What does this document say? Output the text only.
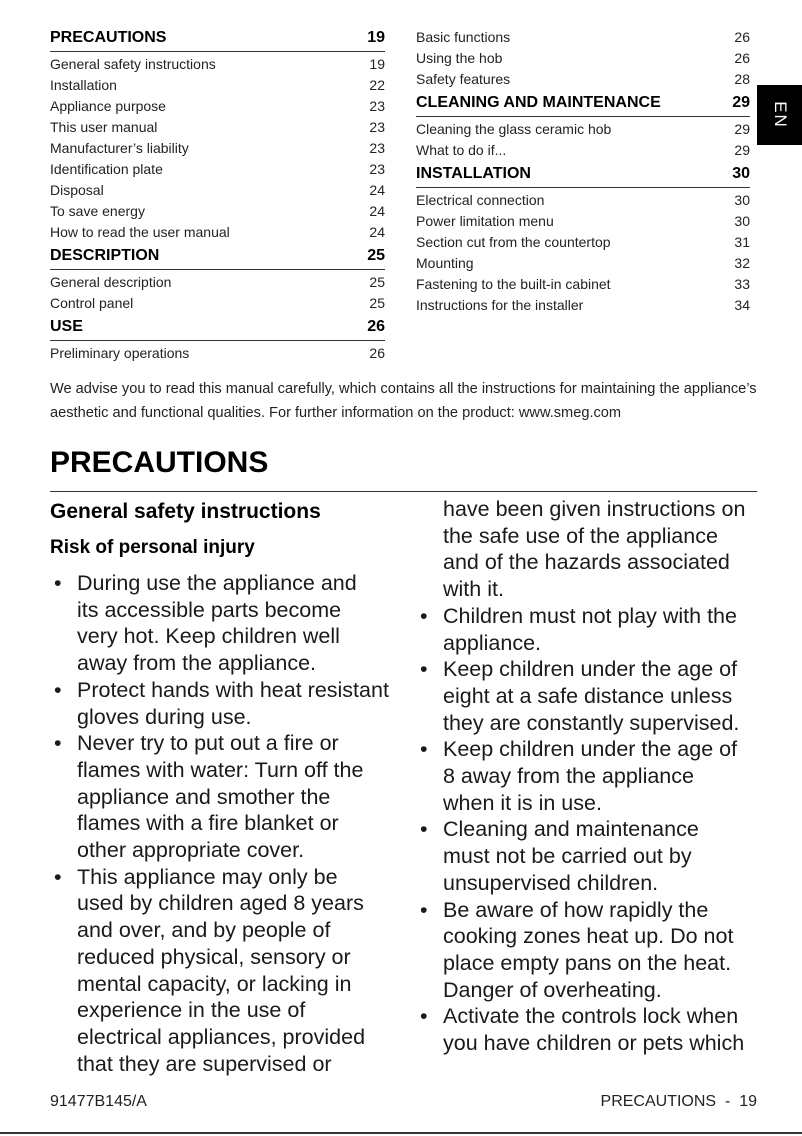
PRECAUTIONS	19
General safety instructions	19
Installation	22
Appliance purpose	23
This user manual	23
Manufacturer’s liability	23
Identification plate	23
Disposal	24
To save energy	24
How to read the user manual	24
DESCRIPTION	25
General description	25
Control panel	25
USE	26
Preliminary operations	26
Basic functions	26
Using the hob	26
Safety features	28
CLEANING AND MAINTENANCE	29
Cleaning the glass ceramic hob	29
What to do if...	29
INSTALLATION	30
Electrical connection	30
Power limitation menu	30
Section cut from the countertop	31
Mounting	32
Fastening to the built-in cabinet	33
Instructions for the installer	34
EN
We advise you to read this manual carefully, which contains all the instructions for maintaining the appliance’s aesthetic and functional qualities. For further information on the product: www.smeg.com
PRECAUTIONS
General safety instructions
Risk of personal injury
• During use the appliance and
its accessible parts become
very hot. Keep children well
away from the appliance.
• Protect hands with heat resistant
gloves during use.
• Never try to put out a fire or
flames with water: Turn off the
appliance and smother the
flames with a fire blanket or
other appropriate cover.
• This appliance may only be
used by children aged 8 years
and over, and by people of
reduced physical, sensory or
mental capacity, or lacking in
experience in the use of
electrical appliances, provided
that they are supervised or
have been given instructions on
the safe use of the appliance
and of the hazards associated
with it.
• Children must not play with the
appliance.
• Keep children under the age of
eight at a safe distance unless
they are constantly supervised.
• Keep children under the age of
8 away from the appliance
when it is in use.
• Cleaning and maintenance
must not be carried out by
unsupervised children.
• Be aware of how rapidly the
cooking zones heat up. Do not
place empty pans on the heat.
Danger of overheating.
• Activate the controls lock when
you have children or pets which
91477B145/A	PRECAUTIONS  -  19
